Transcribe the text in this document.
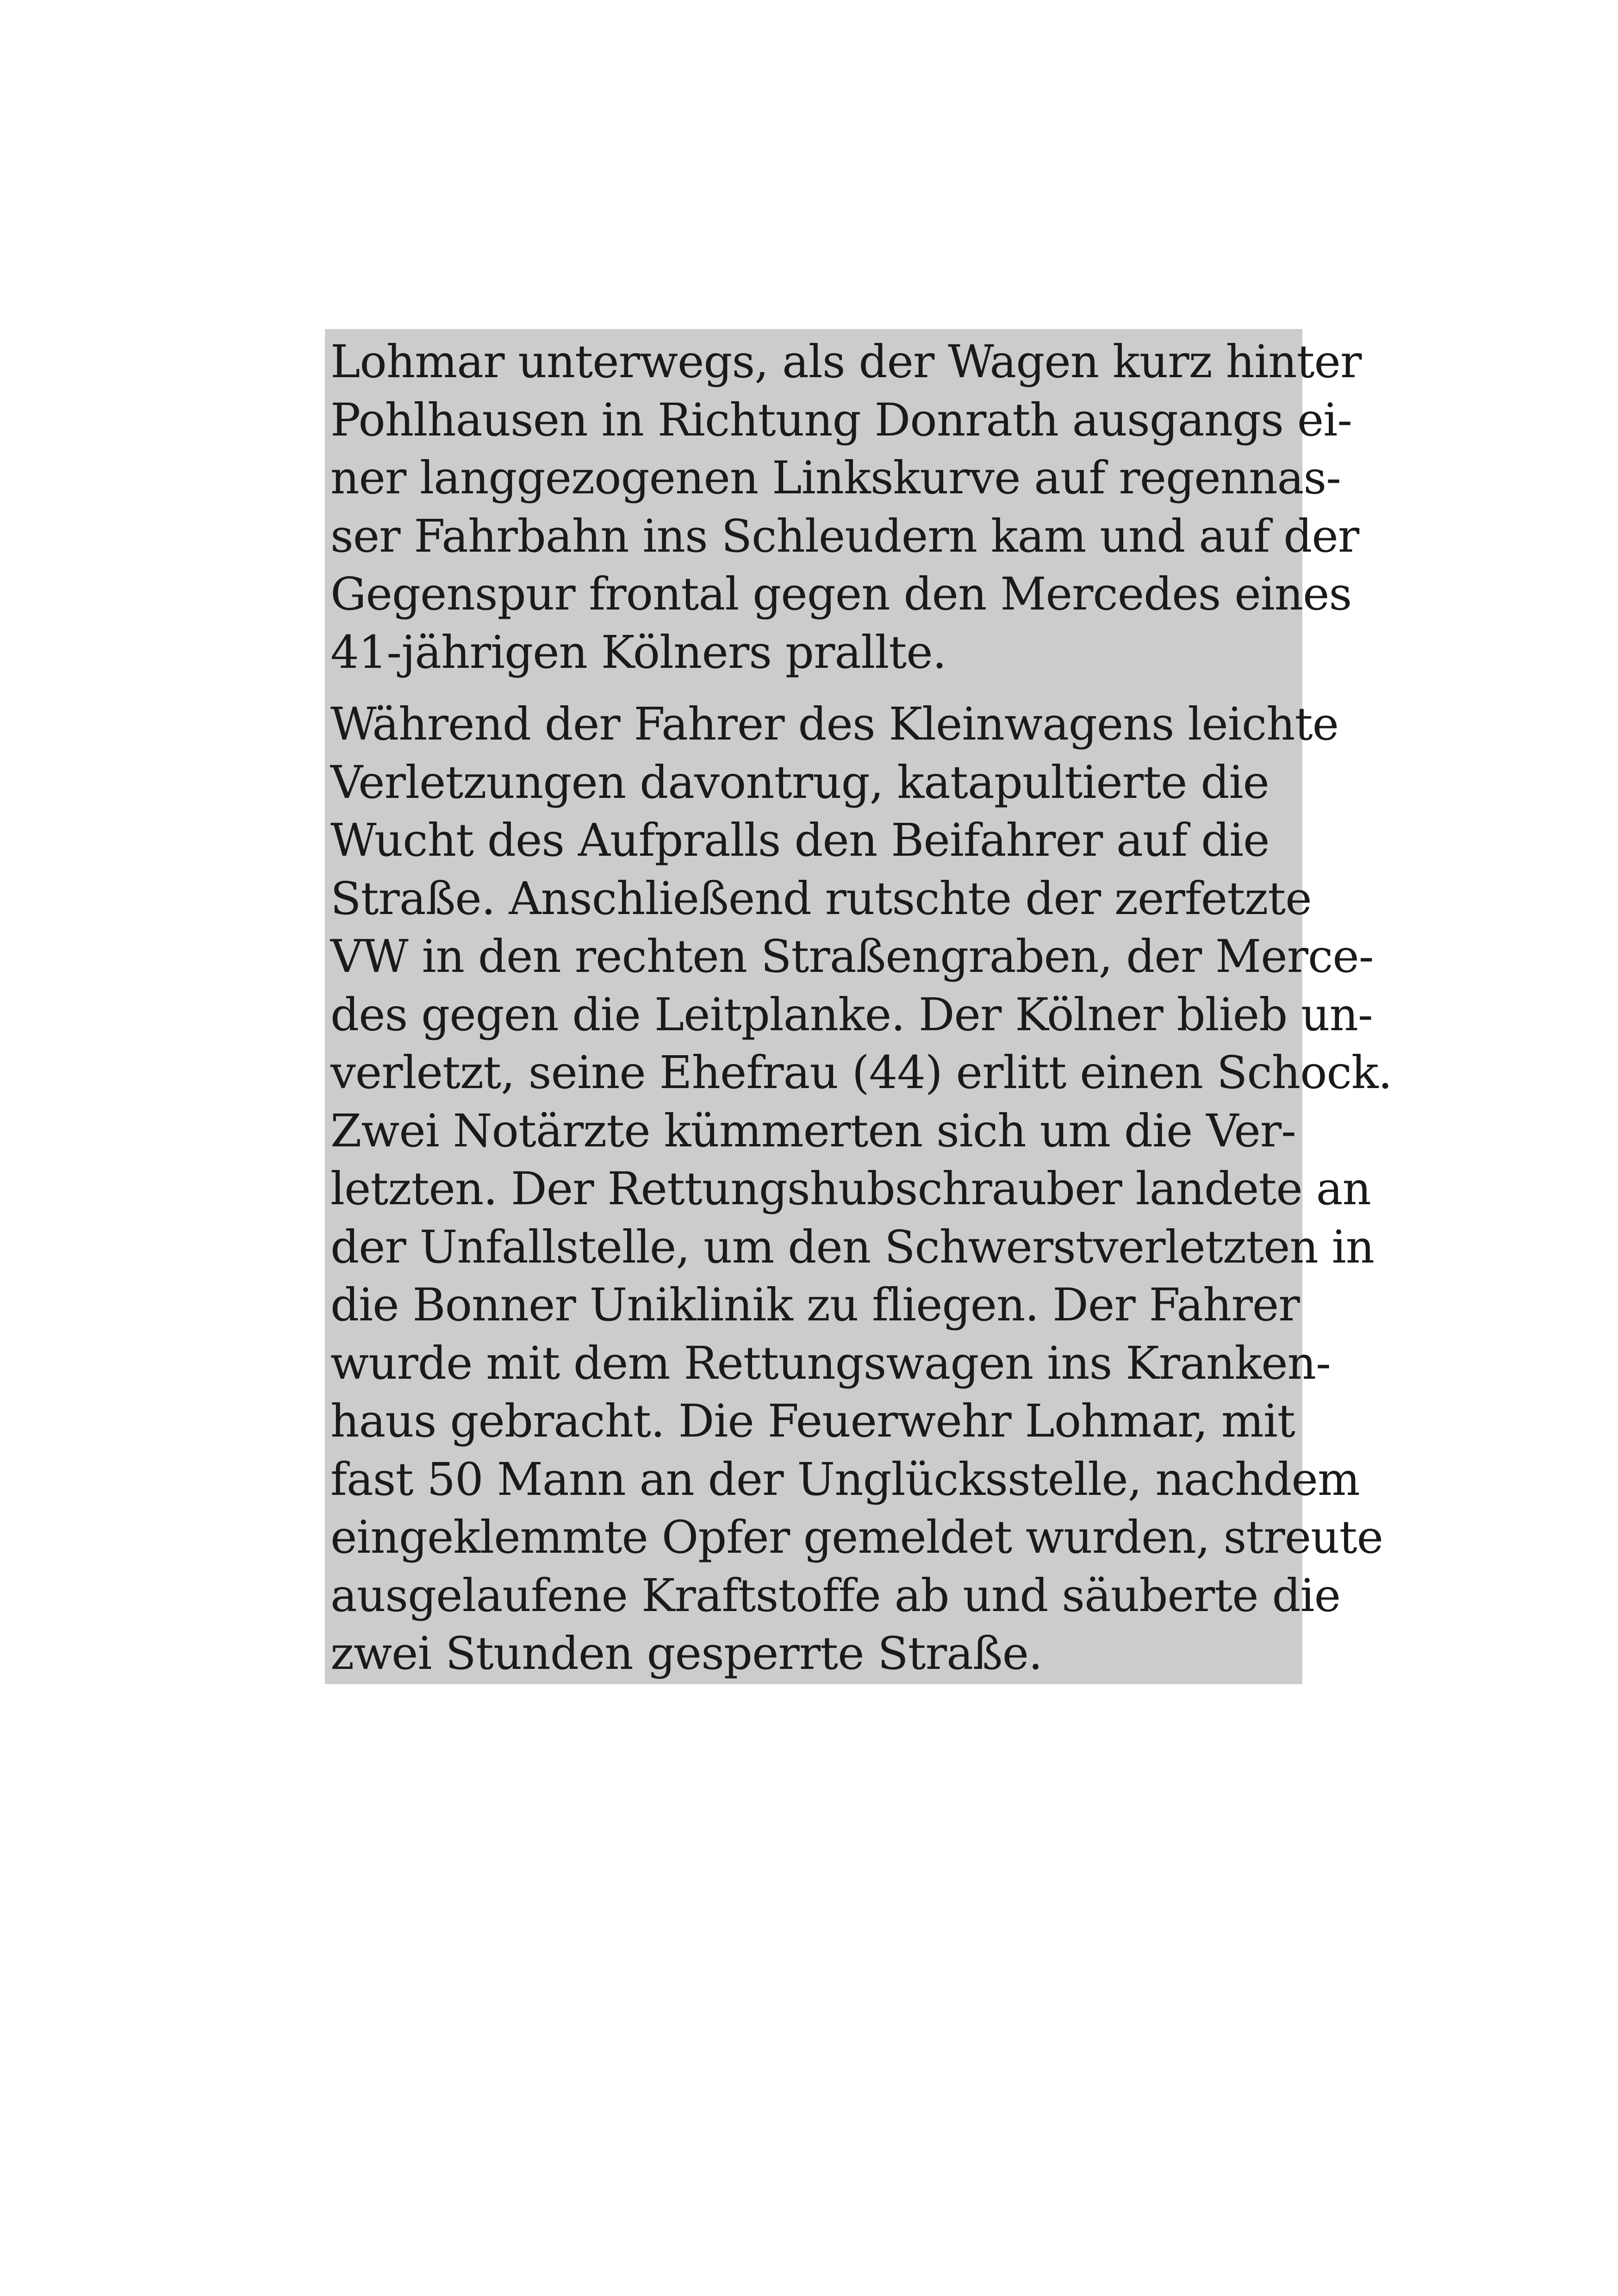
Lohmar unterwegs, als der Wagen kurz hinter
Pohlhausen in Richtung Donrath ausgangs ei-
ner langgezogenen Linkskurve auf regennas-
ser Fahrbahn ins Schleudern kam und auf der
Gegenspur frontal gegen den Mercedes eines
41-jährigen Kölners prallte.

Während der Fahrer des Kleinwagens leichte
Verletzungen davontrug, katapultierte die
Wucht des Aufpralls den Beifahrer auf die
Straße. Anschließend rutschte der zerfetzte
VW in den rechten Straßengraben, der Merce-
des gegen die Leitplanke. Der Kölner blieb un-
verletzt, seine Ehefrau (44) erlitt einen Schock.
Zwei Notärzte kümmerten sich um die Ver-
letzten. Der Rettungshubschrauber landete an
der Unfallstelle, um den Schwerstverletzten in
die Bonner Uniklinik zu fliegen. Der Fahrer
wurde mit dem Rettungswagen ins Kranken-
haus gebracht. Die Feuerwehr Lohmar, mit
fast 50 Mann an der Unglücksstelle, nachdem
eingeklemmte Opfer gemeldet wurden, streute
ausgelaufene Kraftstoffe ab und säuberte die
zwei Stunden gesperrte Straße.
